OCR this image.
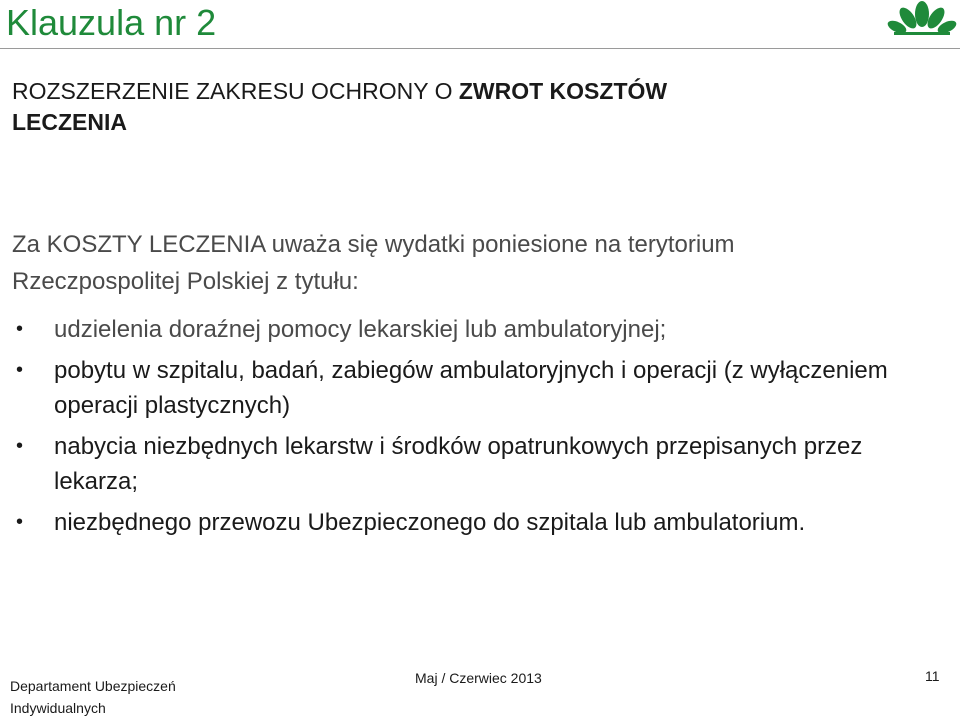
Klauzula nr 2
ROZSZERZENIE ZAKRESU OCHRONY O ZWROT KOSZTÓW
LECZENIA
Za KOSZTY LECZENIA uważa się wydatki poniesione na terytorium
Rzeczpospolitej Polskiej z tytułu:
• udzielenia doraźnej pomocy lekarskiej lub ambulatoryjnej;
• pobytu w szpitalu, badań, zabiegów ambulatoryjnych i operacji (z wyłączeniem operacji plastycznych)
• nabycia niezbędnych lekarstw i środków opatrunkowych przepisanych przez lekarza;
• niezbędnego przewozu Ubezpieczonego do szpitala lub ambulatorium.
Departament Ubezpieczeń Indywidualnych
Maj / Czerwiec 2013	11
